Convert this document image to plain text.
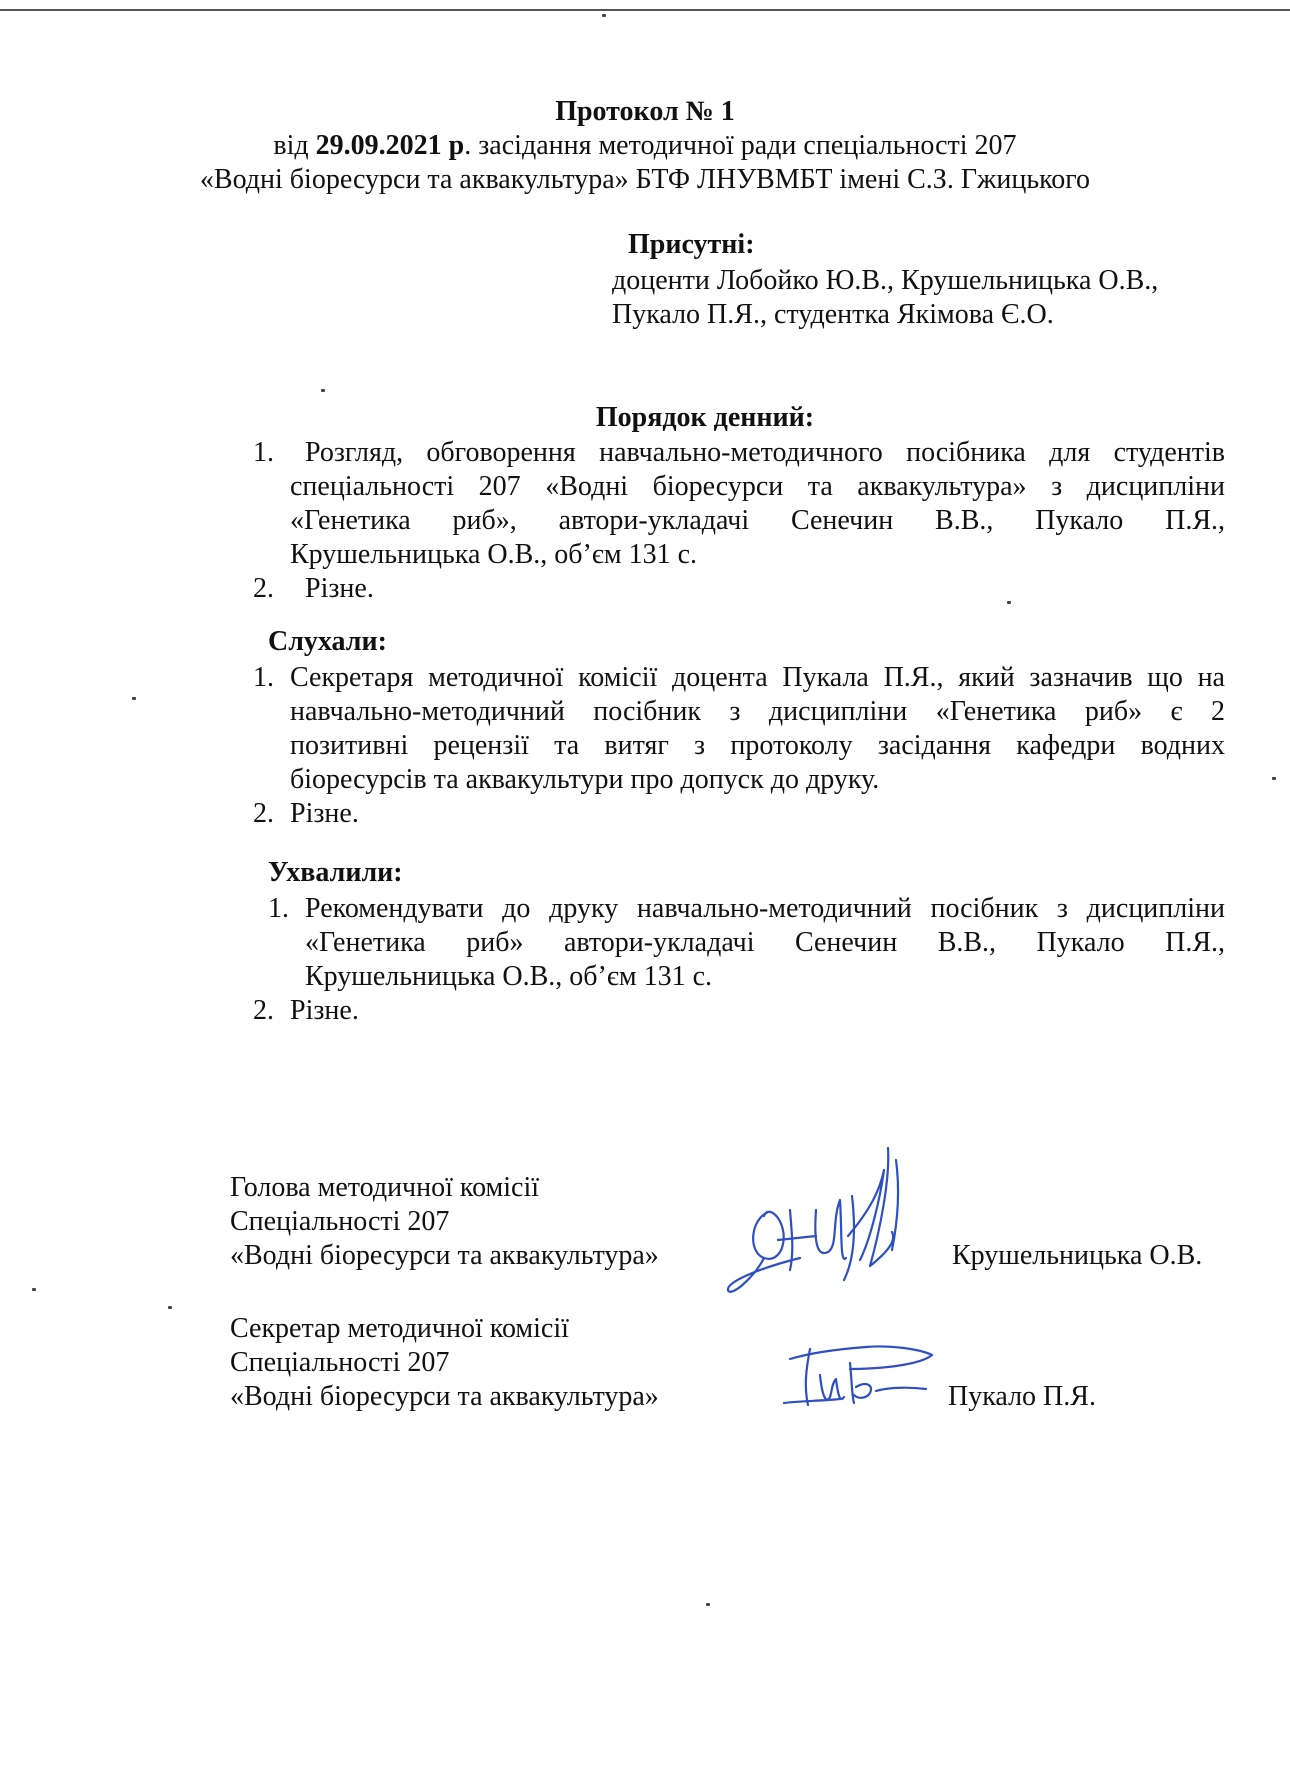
Протокол № 1
від 29.09.2021 р. засідання методичної ради спеціальності 207
«Водні біоресурси та аквакультура» БТФ ЛНУВМБТ імені С.З. Гжицького
Присутні:
доценти Лобойко Ю.В., Крушельницька О.В.,
Пукало П.Я., студентка Якімова Є.О.
Порядок денний:
1. Розгляд, обговорення навчально-методичного посібника для студентів
спеціальності 207 «Водні біоресурси та аквакультура» з дисципліни
«Генетика риб», автори-укладачі Сенечин В.В., Пукало П.Я.,
Крушельницька О.В., об’єм 131 с.
2. Різне.
Слухали:
1. Секретаря методичної комісії доцента Пукала П.Я., який зазначив що на
навчально-методичний посібник з дисципліни «Генетика риб» є 2
позитивні рецензії та витяг з протоколу засідання кафедри водних
біоресурсів та аквакультури про допуск до друку.
2. Різне.
Ухвалили:
1. Рекомендувати до друку навчально-методичний посібник з дисципліни
«Генетика риб» автори-укладачі Сенечин В.В., Пукало П.Я.,
Крушельницька О.В., об’єм 131 с.
2. Різне.
Голова методичної комісії
Спеціальності 207
«Водні біоресурси та аквакультура»	Крушельницька О.В.
Секретар методичної комісії
Спеціальності 207
«Водні біоресурси та аквакультура»	Пукало П.Я.
